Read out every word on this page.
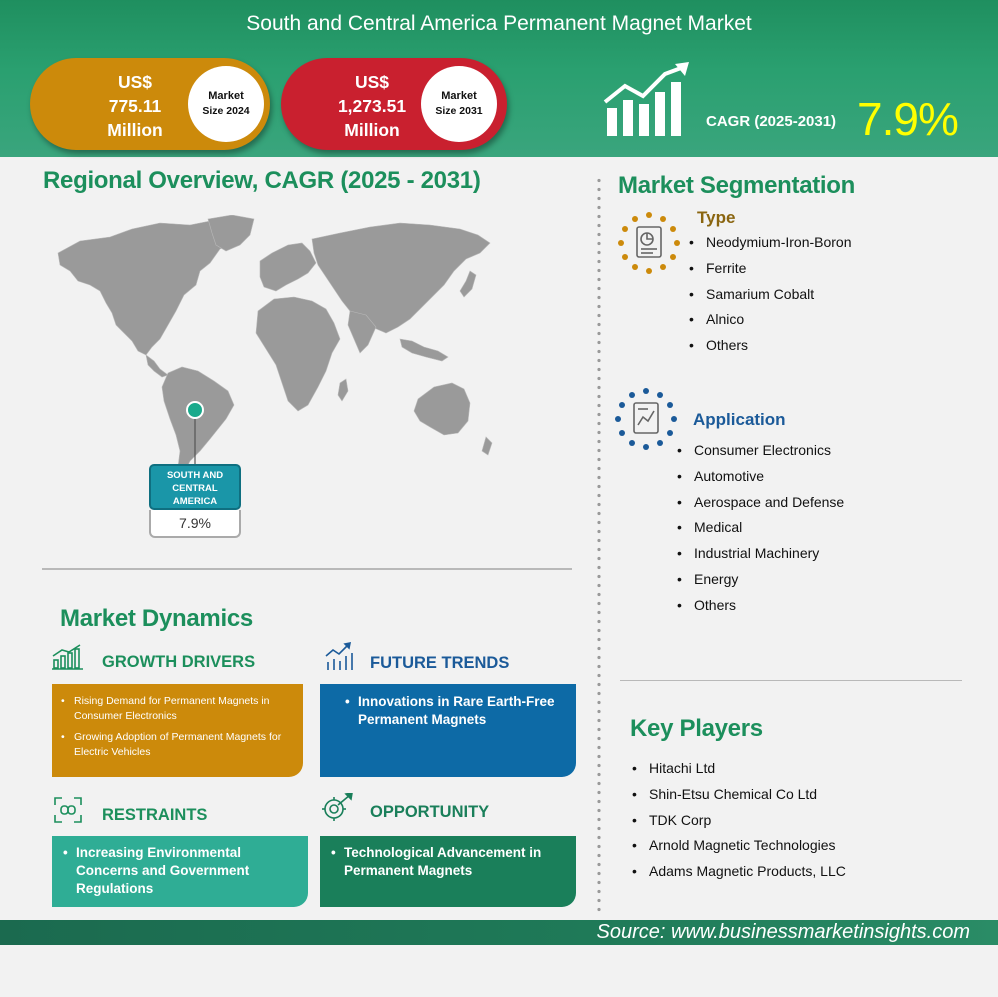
South and Central America Permanent Magnet Market
US$
775.11
Million
Market
Size 2024
US$
1,273.51
Million
Market
Size 2031
CAGR (2025-2031) 7.9%
Regional Overview, CAGR (2025 - 2031)
SOUTH AND
CENTRAL
AMERICA
7.9%
Market Dynamics
GROWTH DRIVERS
• Rising Demand for Permanent Magnets in Consumer Electronics
• Growing Adoption of Permanent Magnets for Electric Vehicles
FUTURE TRENDS
• Innovations in Rare Earth-Free Permanent Magnets
RESTRAINTS
• Increasing Environmental Concerns and Government Regulations
OPPORTUNITY
• Technological Advancement in Permanent Magnets
Market Segmentation
Type
• Neodymium-Iron-Boron
• Ferrite
• Samarium Cobalt
• Alnico
• Others
Application
• Consumer Electronics
• Automotive
• Aerospace and Defense
• Medical
• Industrial Machinery
• Energy
• Others
Key Players
• Hitachi Ltd
• Shin-Etsu Chemical Co Ltd
• TDK Corp
• Arnold Magnetic Technologies
• Adams Magnetic Products, LLC
Source: www.businessmarketinsights.com
